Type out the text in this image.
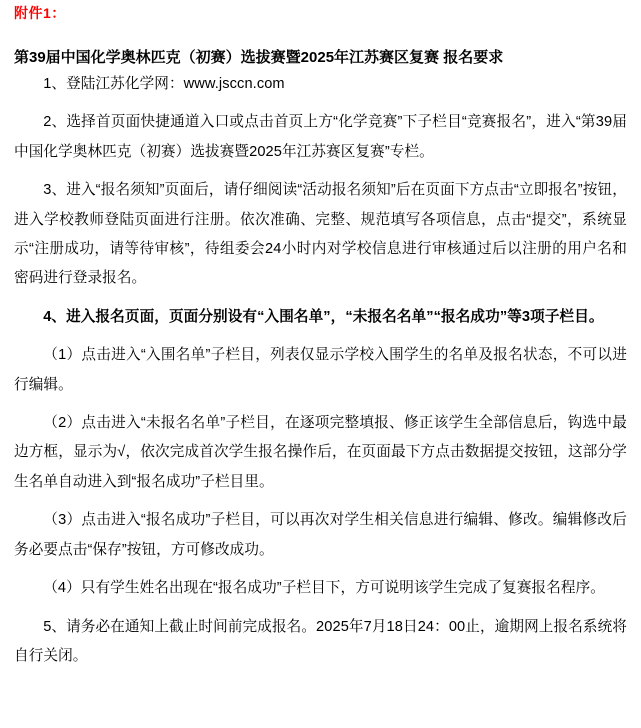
附件1：
第39届中国化学奥林匹克（初赛）选拔赛暨2025年江苏赛区复赛 报名要求

1、登陆江苏化学网：www.jsccn.com

2、选择首页面快捷通道入口或点击首页上方“化学竞赛”下子栏目“竞赛报名”，进入“第39届中国化学奥林匹克（初赛）选拔赛暨2025年江苏赛区复赛”专栏。

3、进入“报名须知”页面后，请仔细阅读“活动报名须知”后在页面下方点击“立即报名”按钮，进入学校教师登陆页面进行注册。依次准确、完整、规范填写各项信息，点击“提交”，系统显示“注册成功，请等待审核”，待组委会24小时内对学校信息进行审核通过后以注册的用户名和密码进行登录报名。

4、进入报名页面，页面分别设有“入围名单”，“未报名名单”“报名成功”等3项子栏目。

（1）点击进入“入围名单”子栏目，列表仅显示学校入围学生的名单及报名状态，不可以进行编辑。

（2）点击进入“未报名名单”子栏目，在逐项完整填报、修正该学生全部信息后，钩选中最边方框，显示为√，依次完成首次学生报名操作后，在页面最下方点击数据提交按钮，这部分学生名单自动进入到“报名成功”子栏目里。

（3）点击进入“报名成功”子栏目，可以再次对学生相关信息进行编辑、修改。编辑修改后务必要点击“保存”按钮，方可修改成功。

（4）只有学生姓名出现在“报名成功”子栏目下，方可说明该学生完成了复赛报名程序。

5、请务必在通知上截止时间前完成报名。2025年7月18日24：00止，逾期网上报名系统将自行关闭。
